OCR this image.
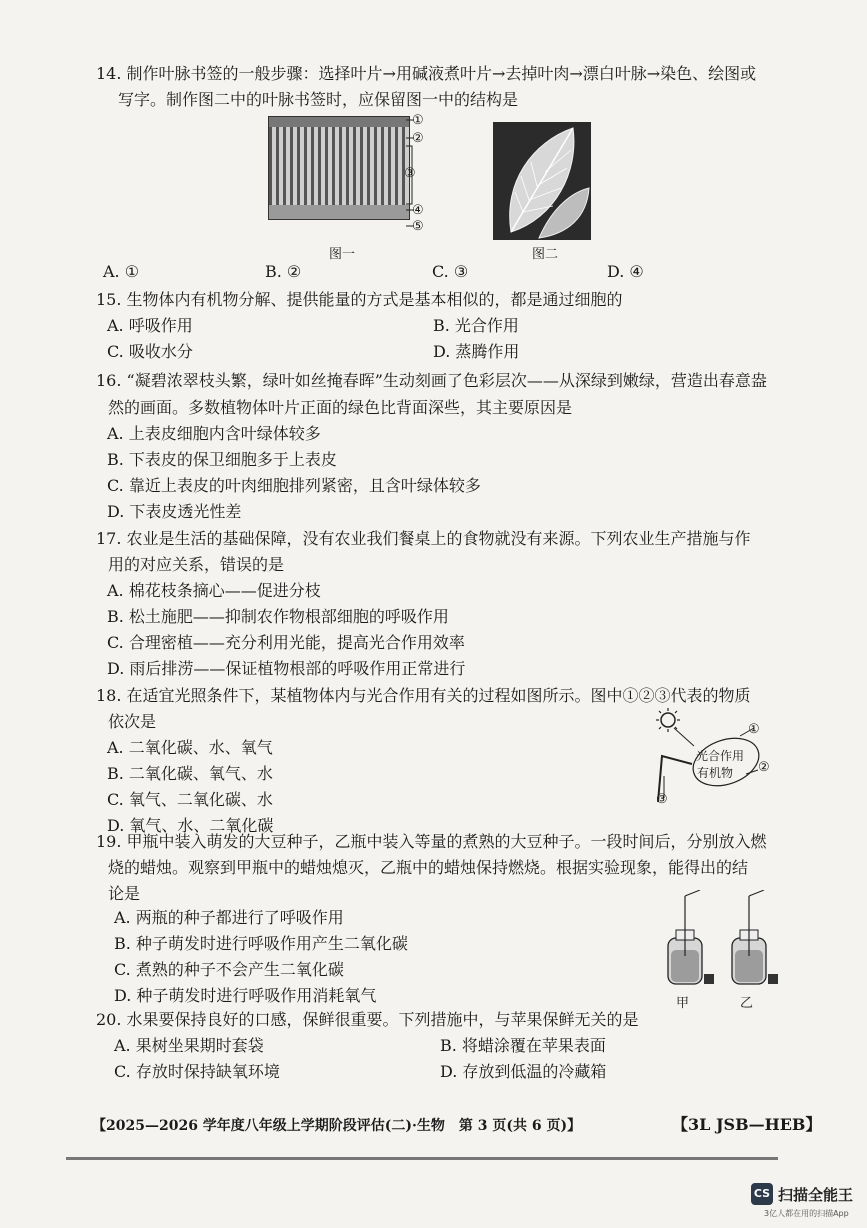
14. 制作叶脉书签的一般步骤：选择叶片→用碱液煮叶片→去掉叶肉→漂白叶脉→染色、绘图或
写字。制作图二中的叶脉书签时，应保留图一中的结构是
①
②
③
④
⑤
图一	图二
A. ①	B. ②	C. ③	D. ④
15. 生物体内有机物分解、提供能量的方式是基本相似的，都是通过细胞的
A. 呼吸作用	B. 光合作用
C. 吸收水分	D. 蒸腾作用
16. “凝碧浓翠枝头繁，绿叶如丝掩春晖”生动刻画了色彩层次——从深绿到嫩绿，营造出春意盎
然的画面。多数植物体叶片正面的绿色比背面深些，其主要原因是
A. 上表皮细胞内含叶绿体较多
B. 下表皮的保卫细胞多于上表皮
C. 靠近上表皮的叶肉细胞排列紧密，且含叶绿体较多
D. 下表皮透光性差
17. 农业是生活的基础保障，没有农业我们餐桌上的食物就没有来源。下列农业生产措施与作
用的对应关系，错误的是
A. 棉花枝条摘心——促进分枝
B. 松土施肥——抑制农作物根部细胞的呼吸作用
C. 合理密植——充分利用光能，提高光合作用效率
D. 雨后排涝——保证植物根部的呼吸作用正常进行
18. 在适宜光照条件下，某植物体内与光合作用有关的过程如图所示。图中①②③代表的物质
依次是
A. 二氧化碳、水、氧气
B. 二氧化碳、氧气、水
C. 氧气、二氧化碳、水
D. 氧气、水、二氧化碳
光合作用
有机物
①
②
③
19. 甲瓶中装入萌发的大豆种子，乙瓶中装入等量的煮熟的大豆种子。一段时间后，分别放入燃
烧的蜡烛。观察到甲瓶中的蜡烛熄灭，乙瓶中的蜡烛保持燃烧。根据实验现象，能得出的结
论是
A. 两瓶的种子都进行了呼吸作用
B. 种子萌发时进行呼吸作用产生二氧化碳
C. 煮熟的种子不会产生二氧化碳
D. 种子萌发时进行呼吸作用消耗氧气	甲	乙
20. 水果要保持良好的口感，保鲜很重要。下列措施中，与苹果保鲜无关的是
A. 果树坐果期时套袋	B. 将蜡涂覆在苹果表面
C. 存放时保持缺氧环境	D. 存放到低温的冷藏箱
【2025—2026 学年度八年级上学期阶段评估(二)·生物　第 3 页(共 6 页)】	【3L JSB—HEB】
CS 扫描全能王
3亿人都在用的扫描App
